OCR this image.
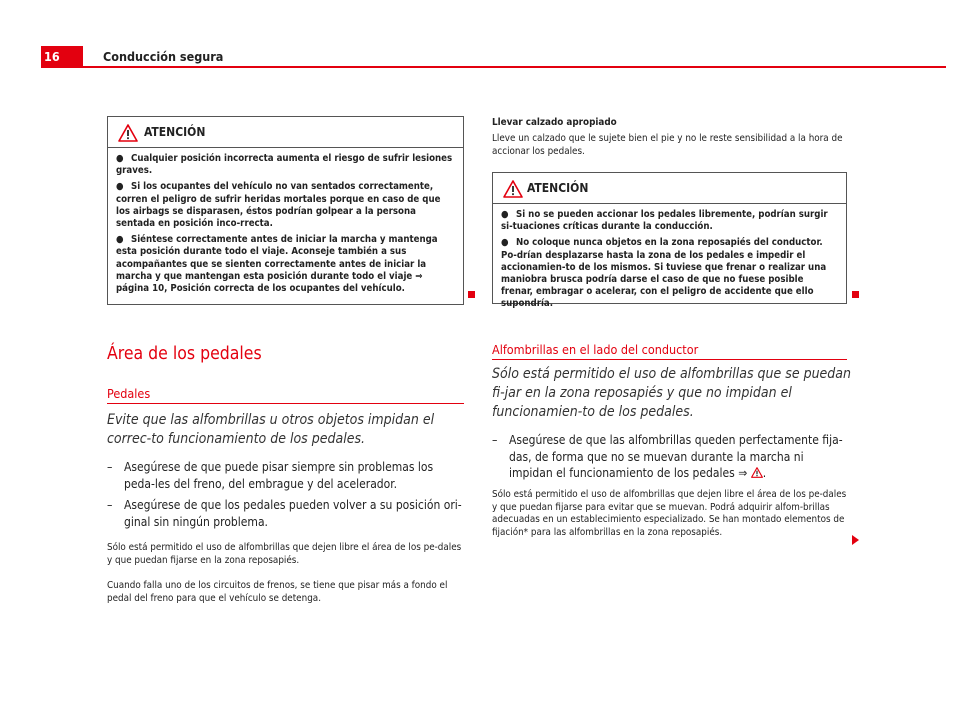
16	Conducción segura
ATENCIÓN

● Cualquier posición incorrecta aumenta el riesgo de sufrir lesiones graves.

● Si los ocupantes del vehículo no van sentados correctamente, corren el peligro de sufrir heridas mortales porque en caso de que los airbags se disparasen, éstos podrían golpear a la persona sentada en posición inco-rrecta.

● Siéntese correctamente antes de iniciar la marcha y mantenga esta posición durante todo el viaje. Aconseje también a sus acompañantes que se sienten correctamente antes de iniciar la marcha y que mantengan esta posición durante todo el viaje ⇒ página 10, Posición correcta de los ocupantes del vehículo.

Área de los pedales
Pedales
Evite que las alfombrillas u otros objetos impidan el correc-to funcionamiento de los pedales.
– Asegúrese de que puede pisar siempre sin problemas los peda-les del freno, del embrague y del acelerador.
– Asegúrese de que los pedales pueden volver a su posición ori-ginal sin ningún problema.
Sólo está permitido el uso de alfombrillas que dejen libre el área de los pe-dales y que puedan fijarse en la zona reposapiés.
Cuando falla uno de los circuitos de frenos, se tiene que pisar más a fondo el pedal del freno para que el vehículo se detenga.
Llevar calzado apropiado
Lleve un calzado que le sujete bien el pie y no le reste sensibilidad a la hora de accionar los pedales.
ATENCIÓN

● Si no se pueden accionar los pedales libremente, podrían surgir si-tuaciones críticas durante la conducción.

● No coloque nunca objetos en la zona reposapiés del conductor. Po-drían desplazarse hasta la zona de los pedales e impedir el accionamien-to de los mismos. Si tuviese que frenar o realizar una maniobra brusca podría darse el caso de que no fuese posible frenar, embragar o acelerar, con el peligro de accidente que ello supondría.

Alfombrillas en el lado del conductor
Sólo está permitido el uso de alfombrillas que se puedan fi-jar en la zona reposapiés y que no impidan el funcionamien-to de los pedales.
– Asegúrese de que las alfombrillas queden perfectamente fija-das, de forma que no se muevan durante la marcha ni impidan el funcionamiento de los pedales ⇒ .
Sólo está permitido el uso de alfombrillas que dejen libre el área de los pe-dales y que puedan fijarse para evitar que se muevan. Podrá adquirir alfom-brillas adecuadas en un establecimiento especializado. Se han montado elementos de fijación* para las alfombrillas en la zona reposapiés.
